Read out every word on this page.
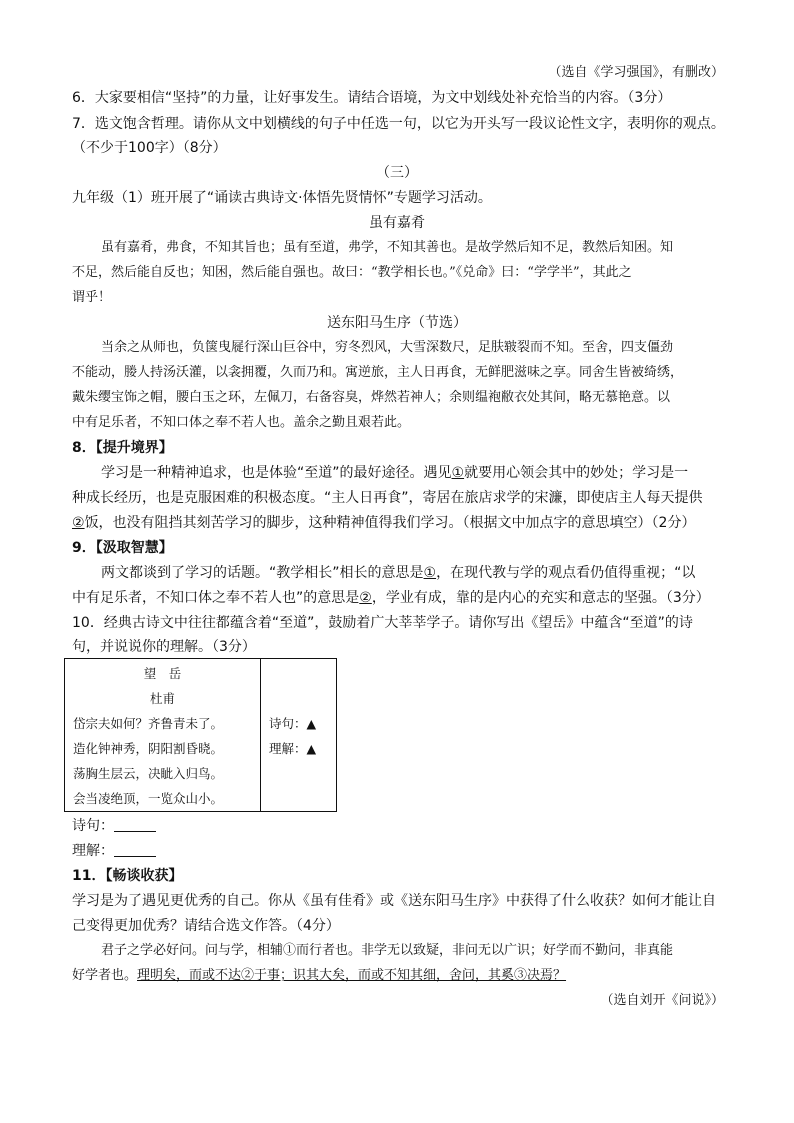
（选自《学习强国》，有删改）
6．大家要相信“坚持”的力量，让好事发生。请结合语境，为文中划线处补充恰当的内容。（3分）
7．选文饱含哲理。请你从文中划横线的句子中任选一句，以它为开头写一段议论性文字，表明你的观点。
（不少于100字）（8分）
（三）
九年级（1）班开展了“诵读古典诗文·体悟先贤情怀”专题学习活动。
虽有嘉肴
虽有嘉肴，弗食，不知其旨也；虽有至道，弗学，不知其善也。是故学然后知不足，教然后知困。知
不足，然后能自反也；知困，然后能自强也。故曰：“教学相长也。”《兑命》曰：“学学半”，其此之
谓乎！
送东阳马生序（节选）
当余之从师也，负箧曳屣行深山巨谷中，穷冬烈风，大雪深数尺，足肤皲裂而不知。至舍，四支僵劲
不能动，媵人持汤沃灌，以衾拥覆，久而乃和。寓逆旅，主人日再食，无鲜肥滋味之享。同舍生皆被绮绣，
戴朱缨宝饰之帽，腰白玉之环，左佩刀，右备容臭，烨然若神人；余则缊袍敝衣处其间，略无慕艳意。以
中有足乐者，不知口体之奉不若人也。盖余之勤且艰若此。
8．【提升境界】
学习是一种精神追求，也是体验“至道”的最好途径。遇见①就要用心领会其中的妙处；学习是一
种成长经历，也是克服困难的积极态度。“主人日再食”，寄居在旅店求学的宋濂，即使店主人每天提供
②饭，也没有阻挡其刻苦学习的脚步，这种精神值得我们学习。（根据文中加点字的意思填空）（2分）
9．【汲取智慧】
两文都谈到了学习的话题。“教学相长”相长的意思是①，在现代教与学的观点看仍值得重视；“以
中有足乐者，不知口体之奉不若人也”的意思是②，学业有成，靠的是内心的充实和意志的坚强。（3分）
10．经典古诗文中往往都蕴含着“至道”，鼓励着广大莘莘学子。请你写出《望岳》中蕴含“至道”的诗
句，并说说你的理解。（3分）
望　岳
杜甫
岱宗夫如何？齐鲁青未了。
造化钟神秀，阴阳割昏晓。
荡胸生层云，决眦入归鸟。
会当凌绝顶，一览众山小。
诗句：▲
理解：▲
诗句：
理解：
11．【畅谈收获】
学习是为了遇见更优秀的自己。你从《虽有佳肴》或《送东阳马生序》中获得了什么收获？如何才能让自
己变得更加优秀？请结合选文作答。（4分）
君子之学必好问。问与学，相辅①而行者也。非学无以致疑，非问无以广识；好学而不勤问，非真能
好学者也。理明矣，而或不达②于事；识其大矣，而或不知其细，舍问，其奚③决焉？
（选自刘开《问说》）
